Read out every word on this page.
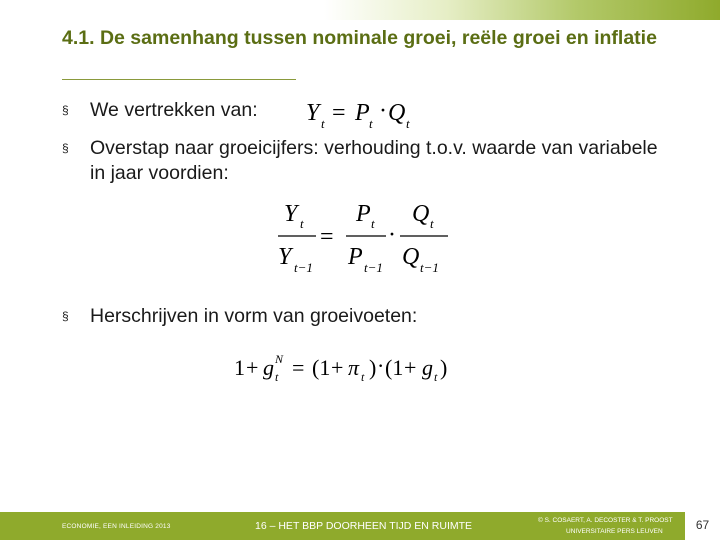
4.1. De samenhang tussen nominale groei, reële groei en inflatie
§	We vertrekken van: Y t = P t · Q t
§	Overstap naar groeicijfers: verhouding t.o.v. waarde van variabele in jaar voordien:
Y t
Y t−1
=
P t
P t−1
·
Q t
Q t−1
§	Herschrijven in vorm van groeivoeten:
1 + g N
t = (1 + π t ) · (1 + g t )
ECONOMIE, EEN INLEIDING 2013	16 – HET BBP DOORHEEN TIJD EN RUIMTE	© S. COSAERT, A. DECOSTER & T. PROOST
UNIVERSITAIRE PERS LEUVEN	67
